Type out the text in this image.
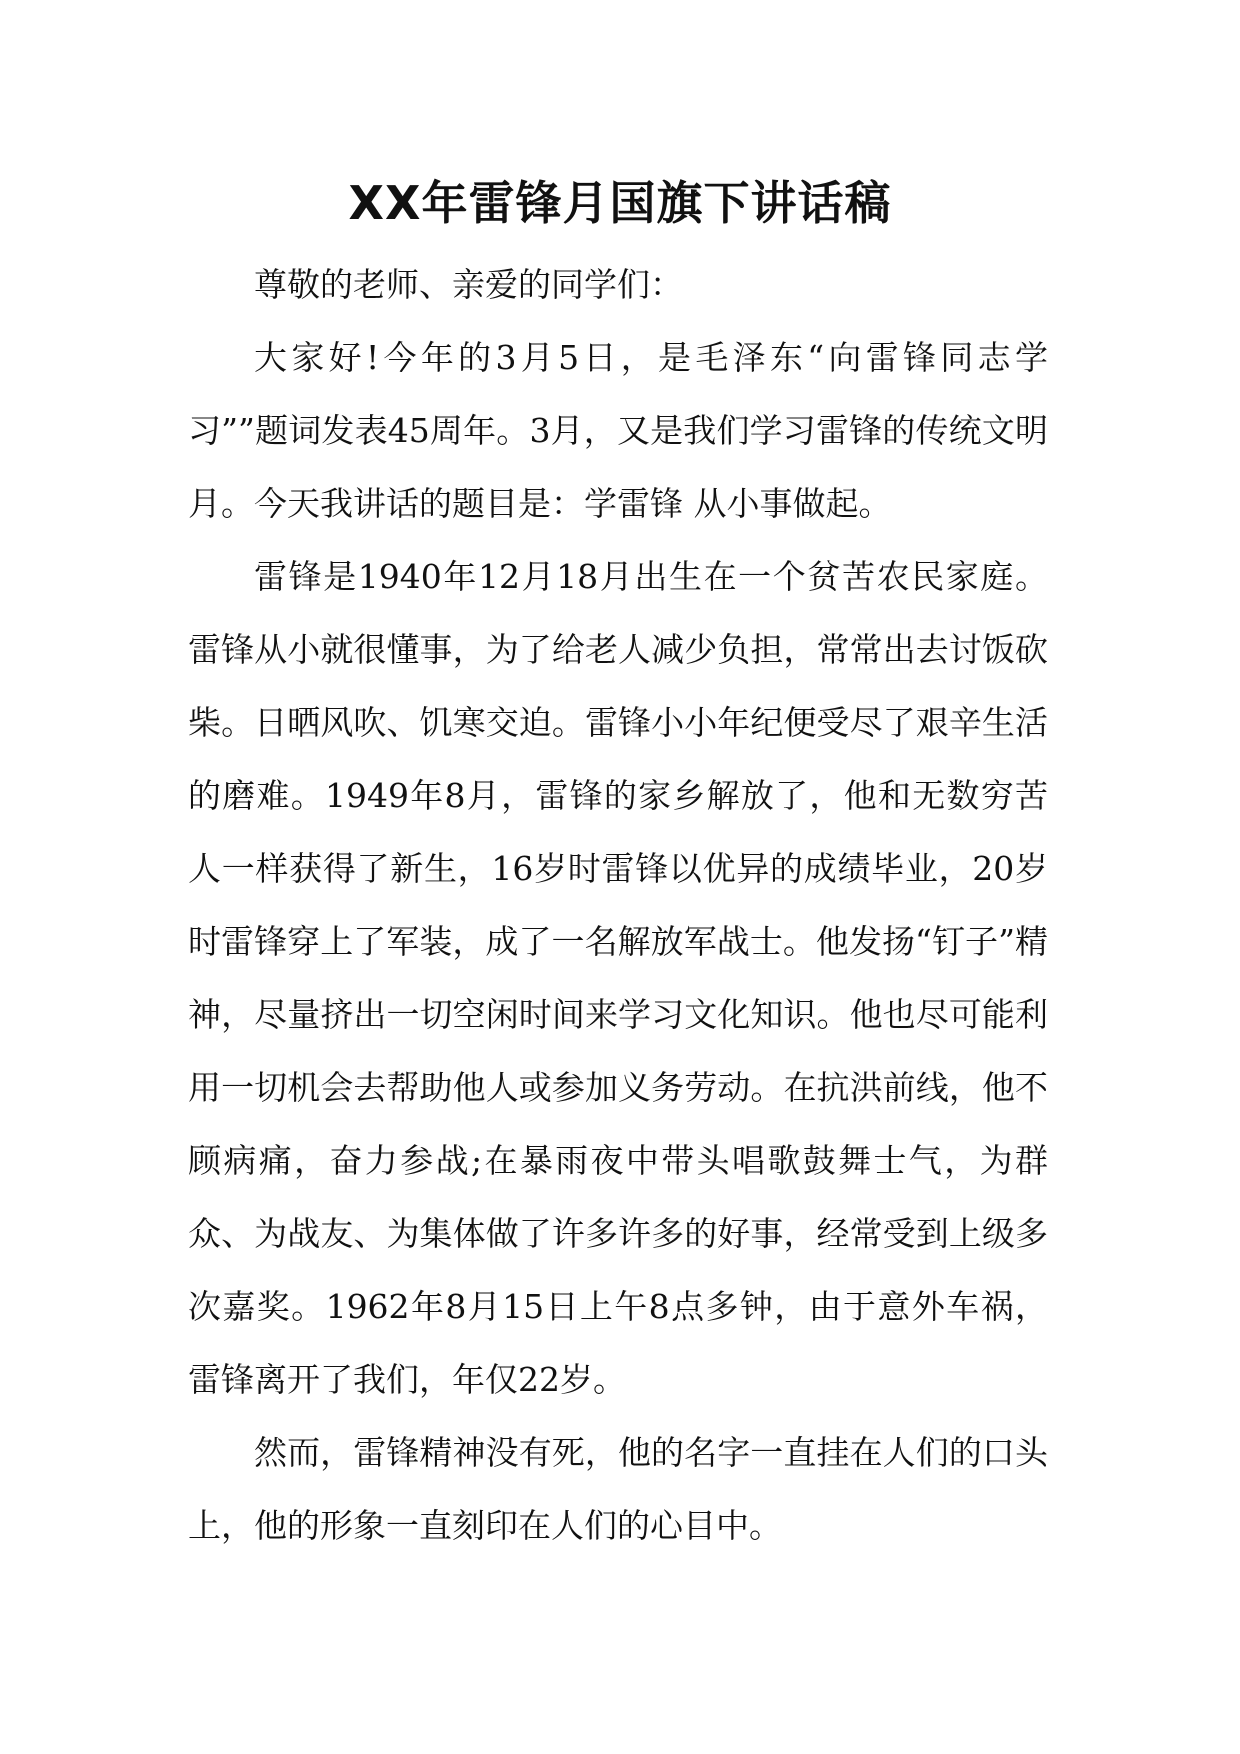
XX年雷锋月国旗下讲话稿

尊敬的老师、亲爱的同学们：

大家好!今年的3月5日，是毛泽东“向雷锋同志学习””题词发表45周年。3月，又是我们学习雷锋的传统文明月。今天我讲话的题目是：学雷锋 从小事做起。

雷锋是1940年12月18月出生在一个贫苦农民家庭。雷锋从小就很懂事，为了给老人减少负担，常常出去讨饭砍柴。日晒风吹、饥寒交迫。雷锋小小年纪便受尽了艰辛生活的磨难。1949年8月，雷锋的家乡解放了，他和无数穷苦人一样获得了新生，16岁时雷锋以优异的成绩毕业，20岁时雷锋穿上了军装，成了一名解放军战士。他发扬“钉子”精神，尽量挤出一切空闲时间来学习文化知识。他也尽可能利用一切机会去帮助他人或参加义务劳动。在抗洪前线，他不顾病痛，奋力参战;在暴雨夜中带头唱歌鼓舞士气，为群众、为战友、为集体做了许多许多的好事，经常受到上级多次嘉奖。1962年8月15日上午8点多钟，由于意外车祸，雷锋离开了我们，年仅22岁。

然而，雷锋精神没有死，他的名字一直挂在人们的口头上，他的形象一直刻印在人们的心目中。
